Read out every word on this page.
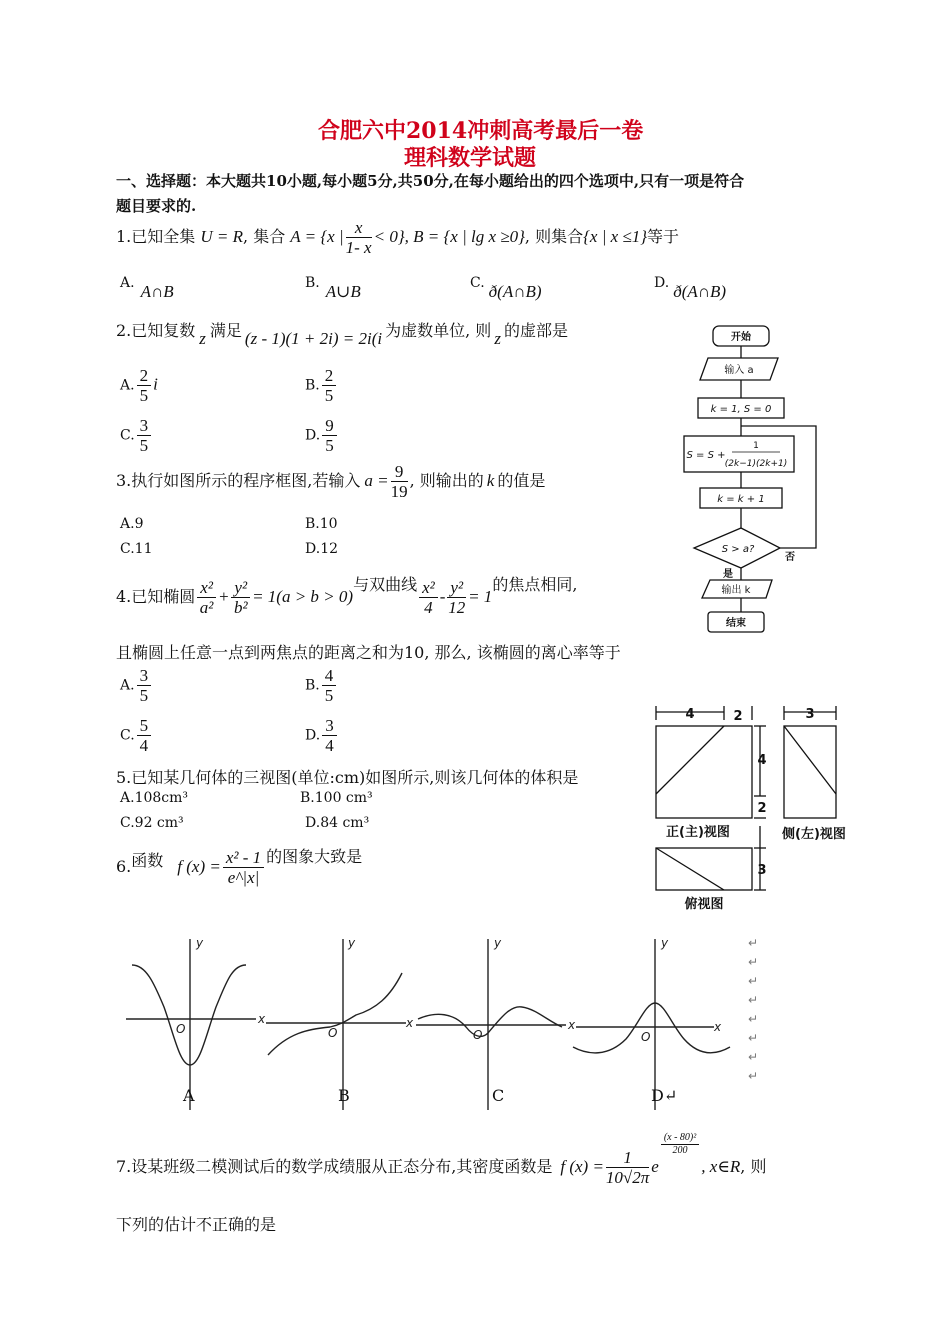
合肥六中2014冲刺高考最后一卷
理科数学试题
一、选择题：本大题共10小题,每小题5分,共50分,在每小题给出的四个选项中,只有一项是符合
题目要求的.
1.已知全集 U = R, 集合 A = {x | $\frac{x}{1- x} < 0$}, B = {x | lg x ≥0}, 则集合{x | x ≤1}等于
A. A∩B	B. A∪B	C. ð(A∩B)	D. ð(A∩B)
2.已知复数 z 满足 (z - 1)(1 + 2i) = 2i(i 为虚数单位, 则 z 的虚部是
A. $\frac{2}{5}$ i	B. $\frac{2}{5}$
C. $\frac{3}{5}$	D. $\frac{9}{5}$
3.执行如图所示的程序框图,若输入 $a = \frac{9}{19}$ , 则输出的 k 的值是
A.9	B.10
C.11	D.12
4.已知椭圆 $\frac{\text{x²}}{\text{a²}} + \frac{\text{y²}}{\text{b²}} = 1(a > b > 0)$与双曲线 $\frac{\text{x²}}{4} - \frac{\text{y²}}{12} = 1$的焦点相同,
且椭圆上任意一点到两焦点的距离之和为10, 那么, 该椭圆的离心率等于
A. $\frac{3}{5}$	B. $\frac{4}{5}$
C. $\frac{5}{4}$	D. $\frac{3}{4}$
5.已知某几何体的三视图(单位:cm)如图所示,则该几何体的体积是
A.108cm³	B.100 cm³
C.92 cm³	D.84 cm³
6.函数 f $(x) = \frac{\text{x² - 1}}{e\^{}|x|}$ 的图象大致是
y
x
O
y
x
O
y
x
O
y
x
O
A	B	C	D↵
↵
↵
↵
↵
↵
↵
↵
↵
7.设某班级二模测试后的数学成绩服从正态分布,其密度函数是 f $(x) = \frac{1}{10√2\pi}$ e
$\frac{\text{(x - 80)²}}{200}$
, x∈R, 则
下列的估计不正确的是
开始
输入 a
k = 1, S = 0
S = S +
1
(2k−1)(2k+1)
k = k + 1
S > a?
否
是
输出 k
结束
4	2	3
4
2
3
正(主)视图	侧(左)视图
俯视图
